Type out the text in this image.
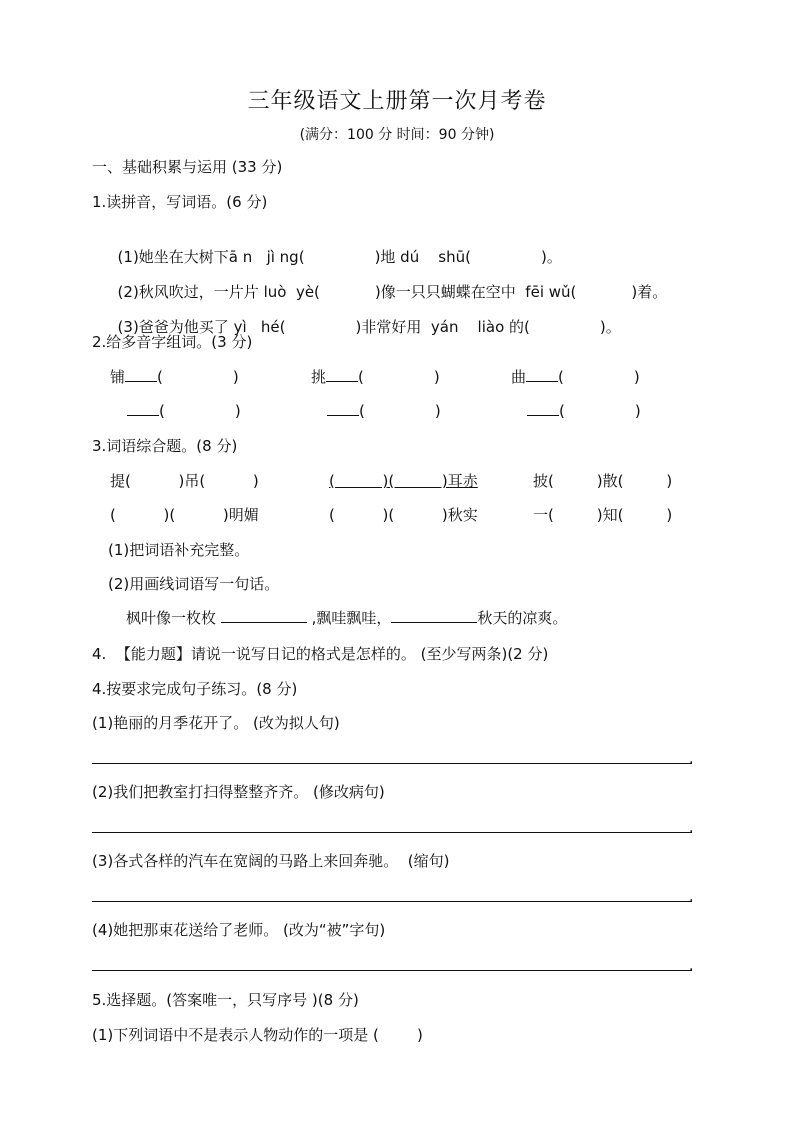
三年级语文上册第一次月考卷
(满分：100 分 时间：90 分钟)
一、基础积累与运用 (33 分)
1.读拼音，写词语。(6 分)

(1)她坐在大树下ā n   jì ng(	)地 dú    shū(	)。

(2)秋风吹过，一片片 luò  yè(	)像一只只蝴蝶在空中  fēi wǔ(	)着。

(3)爸爸为他买了 yì   hé(	)非常好用  yán    liào 的(	)。

2.给多音字组词。(3 分)
铺 (	)	挑 (	)	曲 (	)
(	)	(	)	(	)
3.词语综合题。(8 分)
提(          )吊(          )	(          )(          )耳赤	披(         )散(         )
(          )(          )明媚	(          )(          )秋实	一(         )知(         )
(1)把词语补充完整。
(2)用画线词语写一句话。
枫叶像一枚枚	,飘哇飘哇，	秋天的凉爽。
4.  【能力题】请说一说写日记的格式是怎样的。 (至少写两条)(2 分)
4.按要求完成句子练习。(8 分)
(1)艳丽的月季花开了。 (改为拟人句)
.
(2)我们把教室打扫得整整齐齐。 (修改病句)
.
(3)各式各样的汽车在宽阔的马路上来回奔驰。  (缩句)
.
(4)她把那束花送给了老师。 (改为“被”字句)
.
5.选择题。(答案唯一，只写序号 )(8 分)
(1)下列词语中不是表示人物动作的一项是 (        )
